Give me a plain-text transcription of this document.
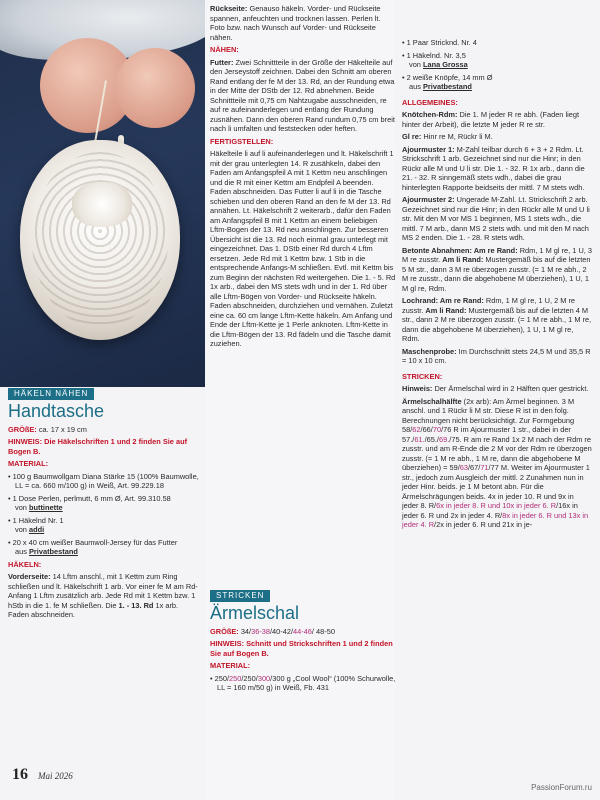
HÄKELN NÄHEN
Handtasche

GRÖßE: ca. 17 x 19 cm

HINWEIS: Die Häkelschriften 1 und 2 finden Sie auf Bogen B.

MATERIAL:

• 100 g Baumwollgarn Diana Stärke 15 (100% Baumwolle, LL = ca. 660 m/100 g) in Weiß, Art. 99.229.18

• 1 Dose Perlen, perlmutt, 6 mm Ø, Art. 99.310.58
von buttinette

• 1 Häkelnd Nr. 1
von addi

• 20 x 40 cm weißer Baumwoll-Jersey für das Futter
aus Privatbestand

HÄKELN:

Vorderseite: 14 Lftm anschl., mit 1 Kettm zum Ring schließen und lt. Häkelschrift 1 arb. Vor einer fe M am Rd-Anfang 1 Lftm zusätzlich arb. Jede Rd mit 1 Kettm bzw. 1 hStb in die 1. fe M schließen. Die 1. - 13. Rd 1x arb. Faden abschneiden.

Rückseite: Genauso häkeln. Vorder- und Rückseite spannen, anfeuchten und trocknen lassen. Perlen lt. Foto bzw. nach Wunsch auf Vorder- und Rückseite nähen.

NÄHEN:

Futter: Zwei Schnittteile in der Größe der Häkelteile auf den Jerseystoff zeichnen. Dabei den Schnitt am oberen Rand entlang der fe M der 13. Rd, an der Rundung etwa in der Mitte der DStb der 12. Rd abnehmen. Beide Schnittteile mit 0,75 cm Nahtzugabe ausschneiden, re auf re aufeinanderlegen und entlang der Rundung zusnähen. Dann den oberen Rand rundum 0,75 cm breit nach li umfalten und feststecken oder heften.

FERTIGSTELLEN:

Häkelteile li auf li aufeinanderlegen und lt. Häkelschrift 1 mit der grau unterlegten 14. R zusähkeln, dabei den Faden am Anfangspfeil A mit 1 Kettm neu anschlingen und die R mit einer Kettm am Endpfeil A beenden. Faden abschneiden. Das Futter li auf li in die Tasche schieben und den oberen Rand an den fe M der 13. Rd annähen. Lt. Häkelschrift 2 weiterarb., dafür den Faden am Anfangspfeil B mit 1 Kettm an einem beliebigen Lftm-Bogen der 13. Rd neu anschlingen. Zur besseren Übersicht ist die 13. Rd noch einmal grau unterlegt mit eingezeichnet. Das 1. DStb einer Rd durch 4 Lftm ersetzen. Jede Rd mit 1 Kettm bzw. 1 Stb in die entsprechende Anfangs-M schließen. Evtl. mit Kettm bis zum Beginn der nächsten Rd weitergehen. Die 1. - 5. Rd 1x arb., dabei den MS stets wdh und in der 1. Rd über alle Lftm-Bögen von Vorder- und Rückseite häkeln. Faden abschneiden, durchziehen und vernähen. Zuletzt eine ca. 60 cm lange Lftm-Kette häkeln. Am Anfang und Ende der Lftm-Kette je 1 Perle anknoten. Lftm-Kette in die Lftm-Bögen der 13. Rd fädeln und die Tasche damit zuziehen.

STRICKEN
Ärmelschal

GRÖßE: 34/36-38/40-42/44-46/ 48-50

HINWEIS: Schnitt und Strickschriften 1 und 2 finden Sie auf Bogen B.

MATERIAL:

• 250/250/250/300/300 g „Cool Wool“ (100% Schurwolle, LL = 160 m/50 g) in Weiß, Fb. 431

• 1 Paar Stricknd. Nr. 4

• 1 Häkelnd. Nr. 3,5
von Lana Grossa

• 2 weiße Knöpfe, 14 mm Ø
aus Privatbestand

ALLGEMEINES:

Knötchen-Rdm: Die 1. M jeder R re abh. (Faden liegt hinter der Arbeit), die letzte M jeder R re str.

Gl re: Hinr re M, Rückr li M.

Ajourmuster 1: M-Zahl teilbar durch 6 + 3 + 2 Rdm. Lt. Strickschrift 1 arb. Gezeichnet sind nur die Hinr; in den Rückr alle M und U li str. Die 1. - 32. R 1x arb., dann die 21. - 32. R sinngemäß stets wdh., dabei die grau hinterlegten Rapporte beidseits der mittl. 7 M stets wdh.

Ajourmuster 2: Ungerade M-Zahl. Lt. Strickschrift 2 arb. Gezeichnet sind nur die Hinr; in den Rückr alle M und U li str. Mit den M vor MS 1 beginnen, MS 1 stets wdh., die mittl. 7 M arb., dann MS 2 stets wdh. und mit den M nach MS 2 enden. Die 1. - 28. R stets wdh.

Betonte Abnahmen: Am re Rand: Rdm, 1 M gl re, 1 U, 3 M re zusstr. Am li Rand: Mustergemäß bis auf die letzten 5 M str., dann 3 M re überzogen zusstr. (= 1 M re abh., 2 M re zusstr., dann die abgehobene M überziehen), 1 U, 1 M gl re, Rdm.

Lochrand: Am re Rand: Rdm, 1 M gl re, 1 U, 2 M re zusstr. Am li Rand: Mustergemäß bis auf die letzten 4 M str., dann 2 M re überzogen zusstr. (= 1 M re abh., 1 M re, dann die abgehobene M überziehen), 1 U, 1 M gl re, Rdm.

Maschenprobe: Im Durchschnitt stets 24,5 M und 35,5 R = 10 x 10 cm.

STRICKEN:

Hinweis: Der Ärmelschal wird in 2 Hälften quer gestrickt.

Ärmelschalhälfte (2x arb): Am Ärmel beginnen. 3 M anschl. und 1 Rückr li M str. Diese R ist in den folg. Berechnungen nicht berücksichtigt. Zur Formgebung 58/62/66/70/76 R im Ajourmuster 1 str., dabei in der 57./61./65./69./75. R am re Rand 1x 2 M nach der Rdm re zusstr. und am R-Ende die 2 M vor der Rdm re überzogen zusstr. (= 1 M re abh., 1 M re, dann die abgehobene M überziehen) = 59/63/67/71/77 M. Weiter im Ajourmuster 1 str., jedoch zum Ausgleich der mittl. 2 Zunahmen nun in jeder Hinr. beids. je 1 M betont abn. Für die Ärmelschrägungen beids. 4x in jeder 10. R und 9x in jeder 8. R/6x in jeder 8. R und 10x in jeder 6. R/16x in jeder 6. R und 2x in jeder 4. R/8x in jeder 6. R und 13x in jeder 4. R/2x in jeder 6. R und 21x in je-

16 Mai 2026
PassionForum.ru
